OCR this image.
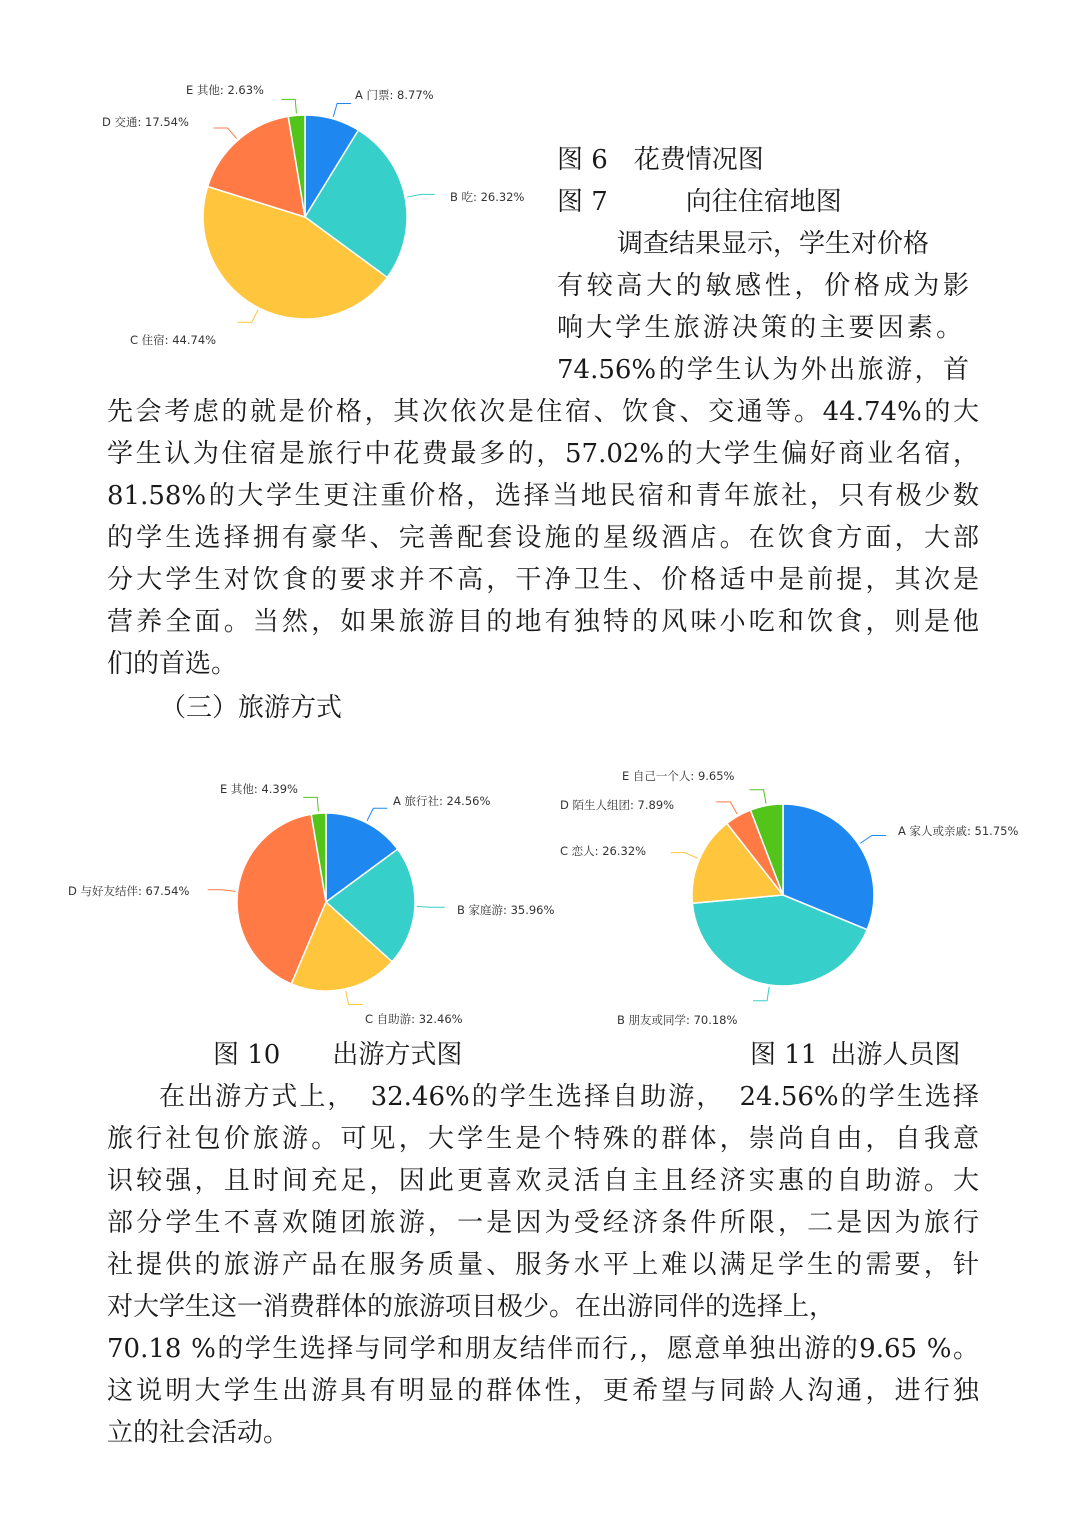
A 门票: 8.77%
B 吃: 26.32%
C 住宿: 44.74%
D 交通: 17.54%
E 其他: 2.63%
图 6　花费情况图
图 7　　　向往住宿地图
调查结果显示，学生对价格
有较高大的敏感性，价格成为影
响大学生旅游决策的主要因素。
74.56%的学生认为外出旅游，首
先会考虑的就是价格，其次依次是住宿、饮食、交通等。44.74%的大
学生认为住宿是旅行中花费最多的，57.02%的大学生偏好商业名宿，
81.58%的大学生更注重价格，选择当地民宿和青年旅社，只有极少数
的学生选择拥有豪华、完善配套设施的星级酒店。在饮食方面，大部
分大学生对饮食的要求并不高，干净卫生、价格适中是前提，其次是
营养全面。当然，如果旅游目的地有独特的风味小吃和饮食，则是他
们的首选。
（三）旅游方式
A 旅行社: 24.56%
B 家庭游: 35.96%
C 自助游: 32.46%
D 与好友结伴: 67.54%
E 其他: 4.39%
A 家人或亲戚: 51.75%
B 朋友或同学: 70.18%
C 恋人: 26.32%
D 陌生人组团: 7.89%
E 自己一个人: 9.65%
图 10　　出游方式图	图 11 出游人员图
在出游方式上，　32.46%的学生选择自助游，　24.56%的学生选择
旅行社包价旅游。可见，大学生是个特殊的群体，崇尚自由，自我意
识较强，且时间充足，因此更喜欢灵活自主且经济实惠的自助游。大
部分学生不喜欢随团旅游，一是因为受经济条件所限，二是因为旅行
社提供的旅游产品在服务质量、服务水平上难以满足学生的需要，针
对大学生这一消费群体的旅游项目极少。在出游同伴的选择上，
70.18 %的学生选择与同学和朋友结伴而行,，愿意单独出游的9.65 %。
这说明大学生出游具有明显的群体性，更希望与同龄人沟通，进行独
立的社会活动。
